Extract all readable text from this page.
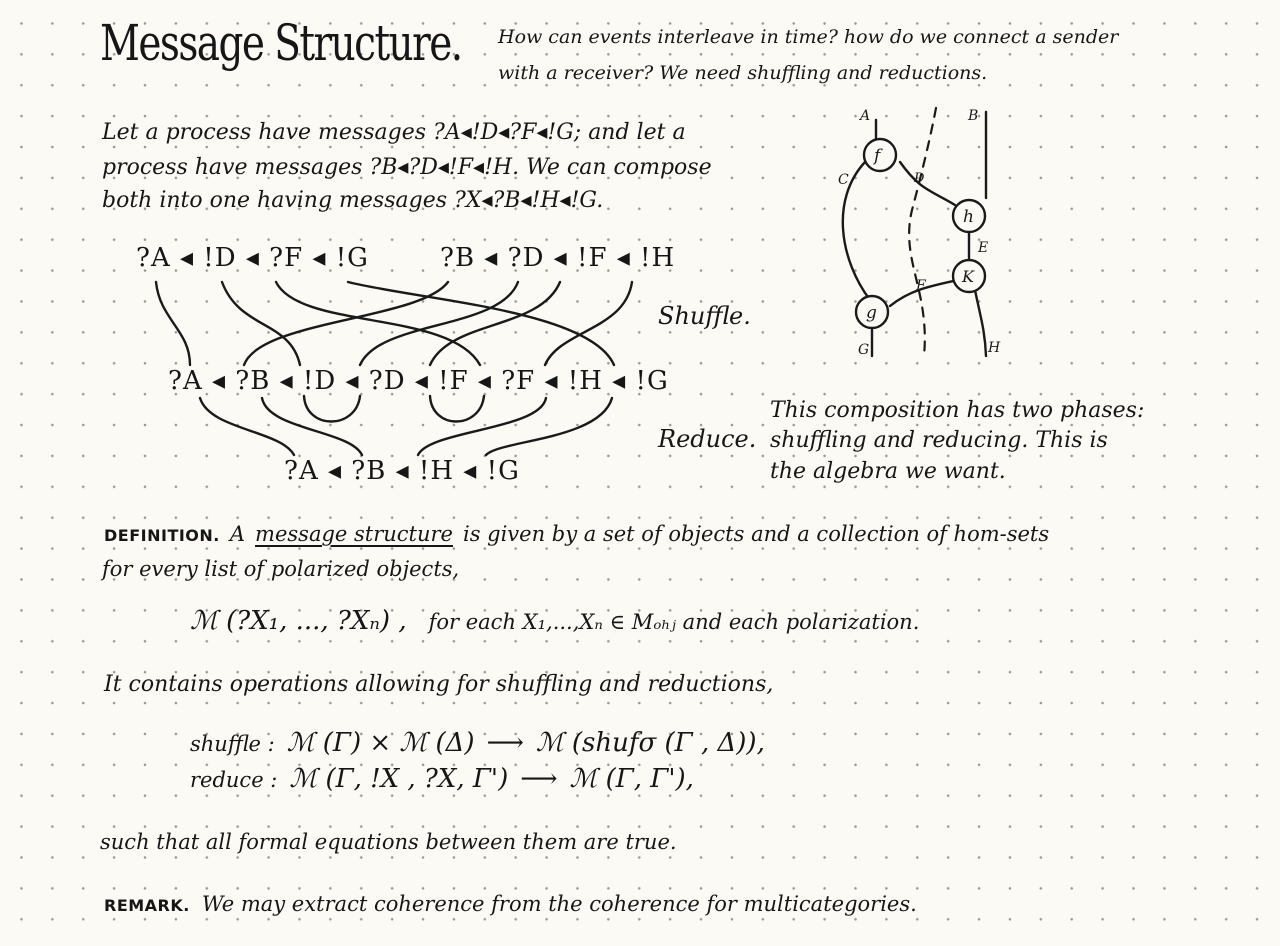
Message Structure. How can events interleave in time? how do we connect a sender
with a receiver? We need shuffling and reductions.
Let a process have messages ?A◂!D◂?F◂!G; and let a
process have messages ?B◂?D◂!F◂!H. We can compose
both into one having messages ?X◂?B◂!H◂!G.
?A ◂ !D ◂ ?F ◂ !G	?B ◂ ?D ◂ !F ◂ !H
?A ◂ ?B ◂ !D ◂ ?D ◂ !F ◂ ?F ◂ !H ◂ !G
?A ◂ ?B ◂ !H ◂ !G
Shuffle.
Reduce.
f
h
K
g
A	B
C	D
E
F
G	H
This composition has two phases:
shuffling and reducing. This is
the algebra we want.
DEFINITION. A message structure is given by a set of objects and a collection of hom-sets
for every list of polarized objects,
ℳ (?X₁, ..., ?Xₙ) , for each X₁,...,Xₙ ∈ Mₒₕⱼ and each polarization.
It contains operations allowing for shuffling and reductions,
shuffle : ℳ (Γ) × ℳ (Δ) ⟶ ℳ (shufσ (Γ , Δ)),
reduce : ℳ (Γ, !X , ?X, Γ') ⟶ ℳ (Γ, Γ'),
such that all formal equations between them are true.
REMARK. We may extract coherence from the coherence for multicategories.
